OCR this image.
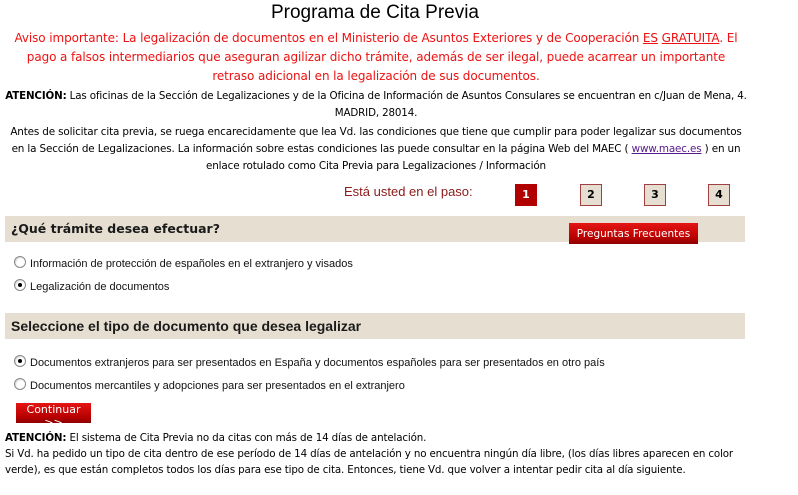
Programa de Cita Previa
Aviso importante: La legalización de documentos en el Ministerio de Asuntos Exteriores y de Cooperación ES GRATUITA. El pago a falsos intermediarios que aseguran agilizar dicho trámite, además de ser ilegal, puede acarrear un importante retraso adicional en la legalización de sus documentos.
ATENCIÓN: Las oficinas de la Sección de Legalizaciones y de la Oficina de Información de Asuntos Consulares se encuentran en c/Juan de Mena, 4. MADRID, 28014.
Antes de solicitar cita previa, se ruega encarecidamente que lea Vd. las condiciones que tiene que cumplir para poder legalizar sus documentos en la Sección de Legalizaciones. La información sobre estas condiciones las puede consultar en la página Web del MAEC ( www.maec.es ) en un enlace rotulado como Cita Previa para Legalizaciones / Información
Está usted en el paso:	1	2	3	4
¿Qué trámite desea efectuar?	Preguntas Frecuentes
Información de protección de españoles en el extranjero y visados
Legalización de documentos
Seleccione el tipo de documento que desea legalizar
Documentos extranjeros para ser presentados en España y documentos españoles para ser presentados en otro país
Documentos mercantiles y adopciones para ser presentados en el extranjero
Continuar >>
ATENCIÓN: El sistema de Cita Previa no da citas con más de 14 días de antelación.
Si Vd. ha pedido un tipo de cita dentro de ese período de 14 días de antelación y no encuentra ningún día libre, (los días libres aparecen en color verde), es que están completos todos los días para ese tipo de cita. Entonces, tiene Vd. que volver a intentar pedir cita al día siguiente.
